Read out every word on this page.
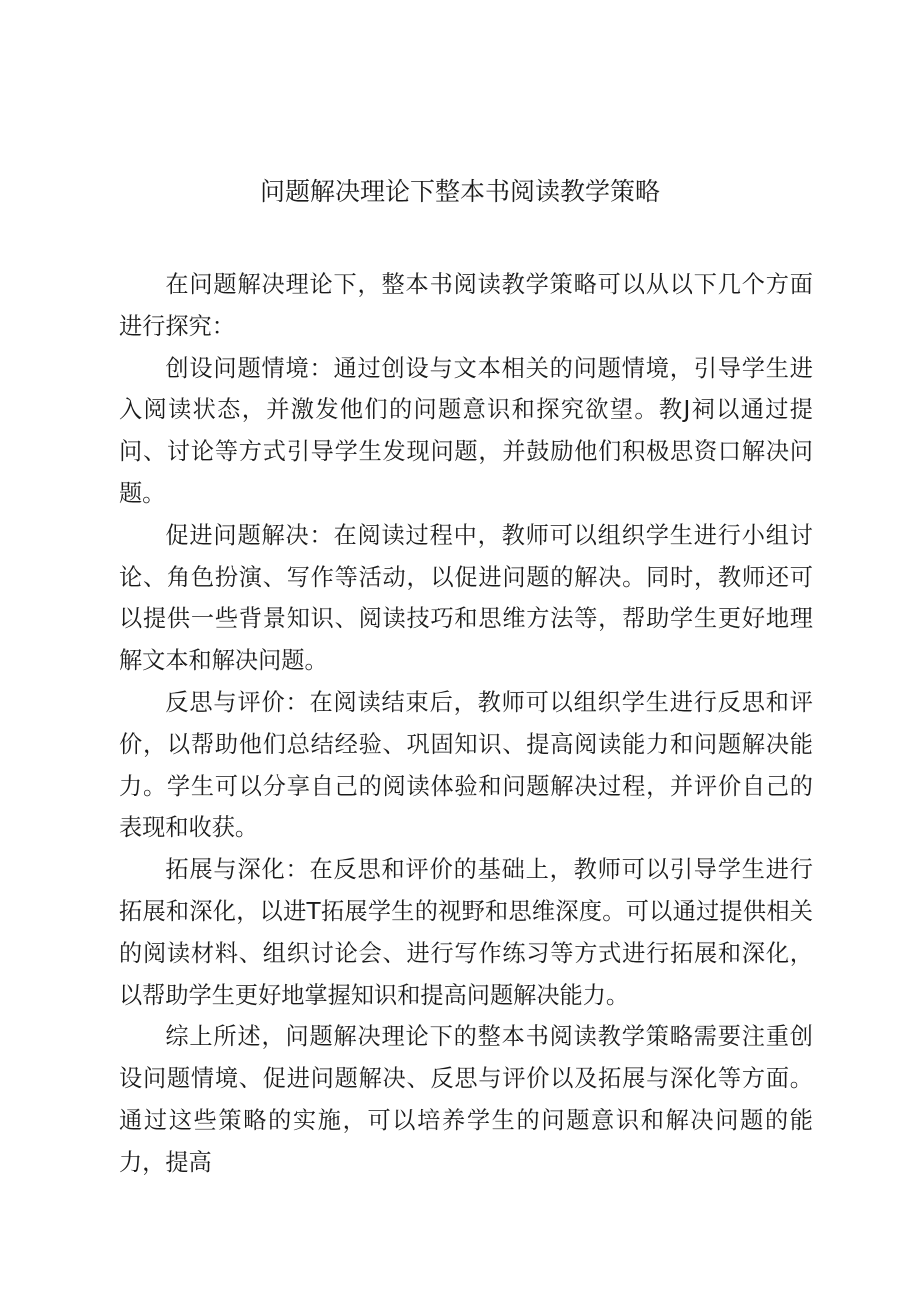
问题解决理论下整本书阅读教学策略

在问题解决理论下，整本书阅读教学策略可以从以下几个方面进行探究：

创设问题情境：通过创设与文本相关的问题情境，引导学生进入阅读状态，并激发他们的问题意识和探究欲望。教J祠以通过提问、讨论等方式引导学生发现问题，并鼓励他们积极思资口解决问题。

促进问题解决：在阅读过程中，教师可以组织学生进行小组讨论、角色扮演、写作等活动，以促进问题的解决。同时，教师还可以提供一些背景知识、阅读技巧和思维方法等，帮助学生更好地理解文本和解决问题。

反思与评价：在阅读结束后，教师可以组织学生进行反思和评价，以帮助他们总结经验、巩固知识、提高阅读能力和问题解决能力。学生可以分享自己的阅读体验和问题解决过程，并评价自己的表现和收获。

拓展与深化：在反思和评价的基础上，教师可以引导学生进行拓展和深化，以进T拓展学生的视野和思维深度。可以通过提供相关的阅读材料、组织讨论会、进行写作练习等方式进行拓展和深化，以帮助学生更好地掌握知识和提高问题解决能力。

综上所述，问题解决理论下的整本书阅读教学策略需要注重创设问题情境、促进问题解决、反思与评价以及拓展与深化等方面。通过这些策略的实施，可以培养学生的问题意识和解决问题的能力，提高
